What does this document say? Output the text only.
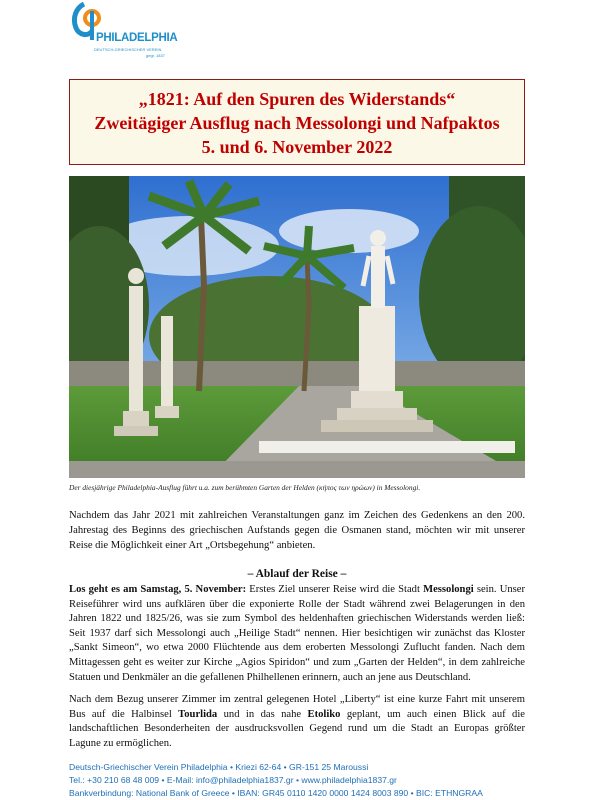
PHILADELPHIA
DEUTSCH-GRIECHISCHER VEREIN
gegr. 1837
„1821: Auf den Spuren des Widerstands“
Zweitägiger Ausflug nach Messolongi und Nafpaktos
5. und 6. November 2022
Der diesjährige Philadelphia-Ausflug führt u.a. zum berühmten Garten der Helden (κήπος των ηρώων) in Messolongi.
Nachdem das Jahr 2021 mit zahlreichen Veranstaltungen ganz im Zeichen des Gedenkens an den 200. Jahrestag des Beginns des griechischen Aufstands gegen die Osmanen stand, möchten wir mit unserer Reise die Möglichkeit einer Art „Ortsbegehung“ anbieten.
– Ablauf der Reise –
Los geht es am Samstag, 5. November: Erstes Ziel unserer Reise wird die Stadt Messolongi sein. Unser Reiseführer wird uns aufklären über die exponierte Rolle der Stadt während zwei Belagerungen in den Jahren 1822 und 1825/26, was sie zum Symbol des heldenhaften griechischen Widerstands werden ließ: Seit 1937 darf sich Messolongi auch „Heilige Stadt“ nennen. Hier besichtigen wir zunächst das Kloster „Sankt Simeon“, wo etwa 2000 Flüchtende aus dem eroberten Messolongi Zuflucht fanden. Nach dem Mittagessen geht es weiter zur Kirche „Agios Spiridon“ und zum „Garten der Helden“, in dem zahlreiche Statuen und Denkmäler an die gefallenen Philhellenen erinnern, auch an jene aus Deutschland.
Nach dem Bezug unserer Zimmer im zentral gelegenen Hotel „Liberty“ ist eine kurze Fahrt mit unserem Bus auf die Halbinsel Tourlida und in das nahe Etoliko geplant, um auch einen Blick auf die landschaftlichen Besonderheiten der ausdrucksvollen Gegend rund um die Stadt an Europas größter Lagune zu ermöglichen.
Deutsch-Griechischer Verein Philadelphia • Kriezi 62-64 • GR-151 25 Maroussi
Tel.: +30 210 68 48 009 • E-Mail: info@philadelphia1837.gr • www.philadelphia1837.gr
Bankverbindung: National Bank of Greece • IBAN: GR45 0110 1420 0000 1424 8003 890 • BIC: ETHNGRAA
